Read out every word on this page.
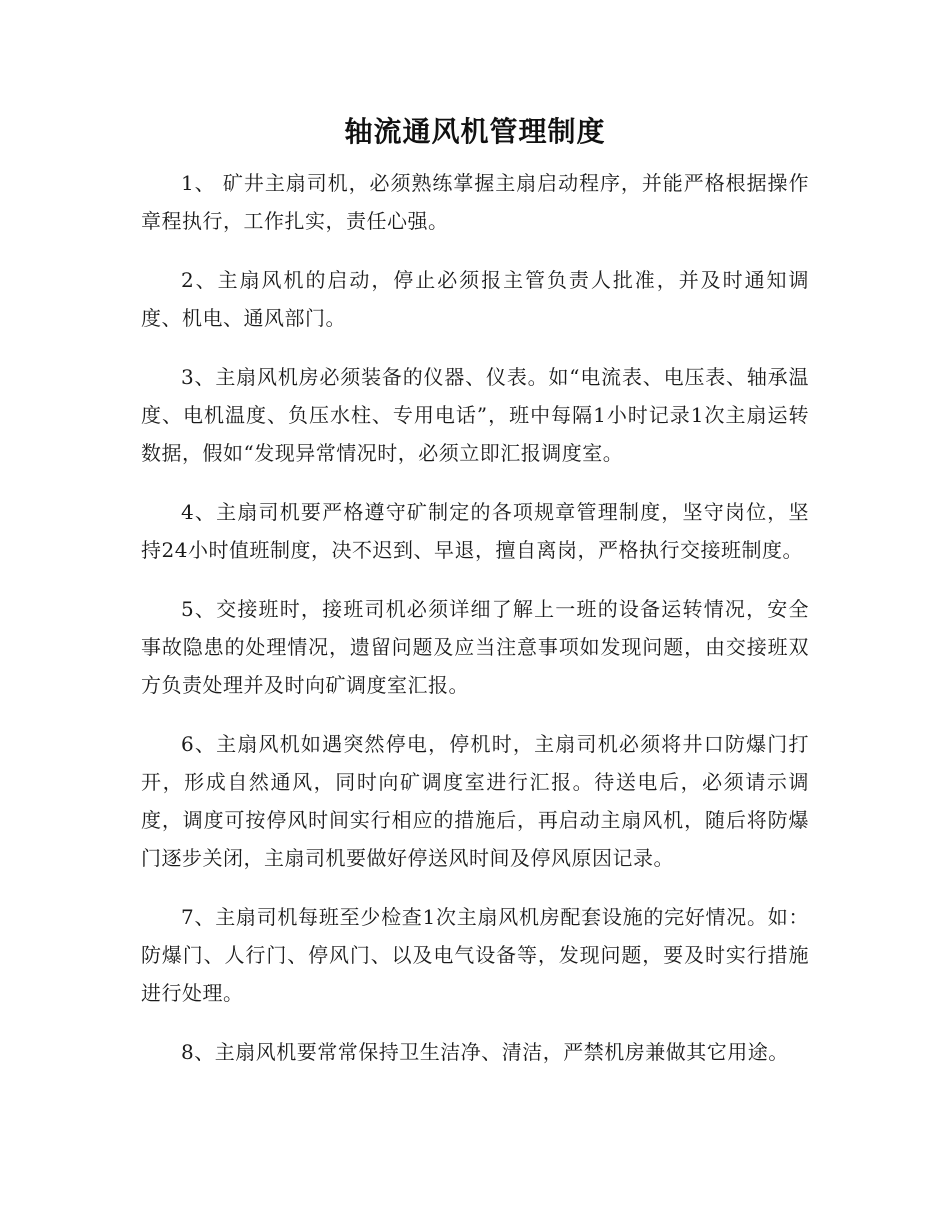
轴流通风机管理制度

1、 矿井主扇司机，必须熟练掌握主扇启动程序，并能严格根据操作章程执行，工作扎实，责任心强。

2、主扇风机的启动，停止必须报主管负责人批准，并及时通知调度、机电、通风部门。

3、主扇风机房必须装备的仪器、仪表。如“电流表、电压表、轴承温度、电机温度、负压水柱、专用电话”，班中每隔1小时记录1次主扇运转数据，假如“发现异常情况时，必须立即汇报调度室。

4、主扇司机要严格遵守矿制定的各项规章管理制度，坚守岗位，坚持24小时值班制度，决不迟到、早退，擅自离岗，严格执行交接班制度。

5、交接班时，接班司机必须详细了解上一班的设备运转情况，安全事故隐患的处理情况，遗留问题及应当注意事项如发现问题，由交接班双方负责处理并及时向矿调度室汇报。

6、主扇风机如遇突然停电，停机时，主扇司机必须将井口防爆门打开，形成自然通风，同时向矿调度室进行汇报。待送电后，必须请示调度，调度可按停风时间实行相应的措施后，再启动主扇风机，随后将防爆门逐步关闭，主扇司机要做好停送风时间及停风原因记录。

7、主扇司机每班至少检查1次主扇风机房配套设施的完好情况。如：防爆门、人行门、停风门、以及电气设备等，发现问题，要及时实行措施进行处理。

8、主扇风机要常常保持卫生洁净、清洁，严禁机房兼做其它用途。
